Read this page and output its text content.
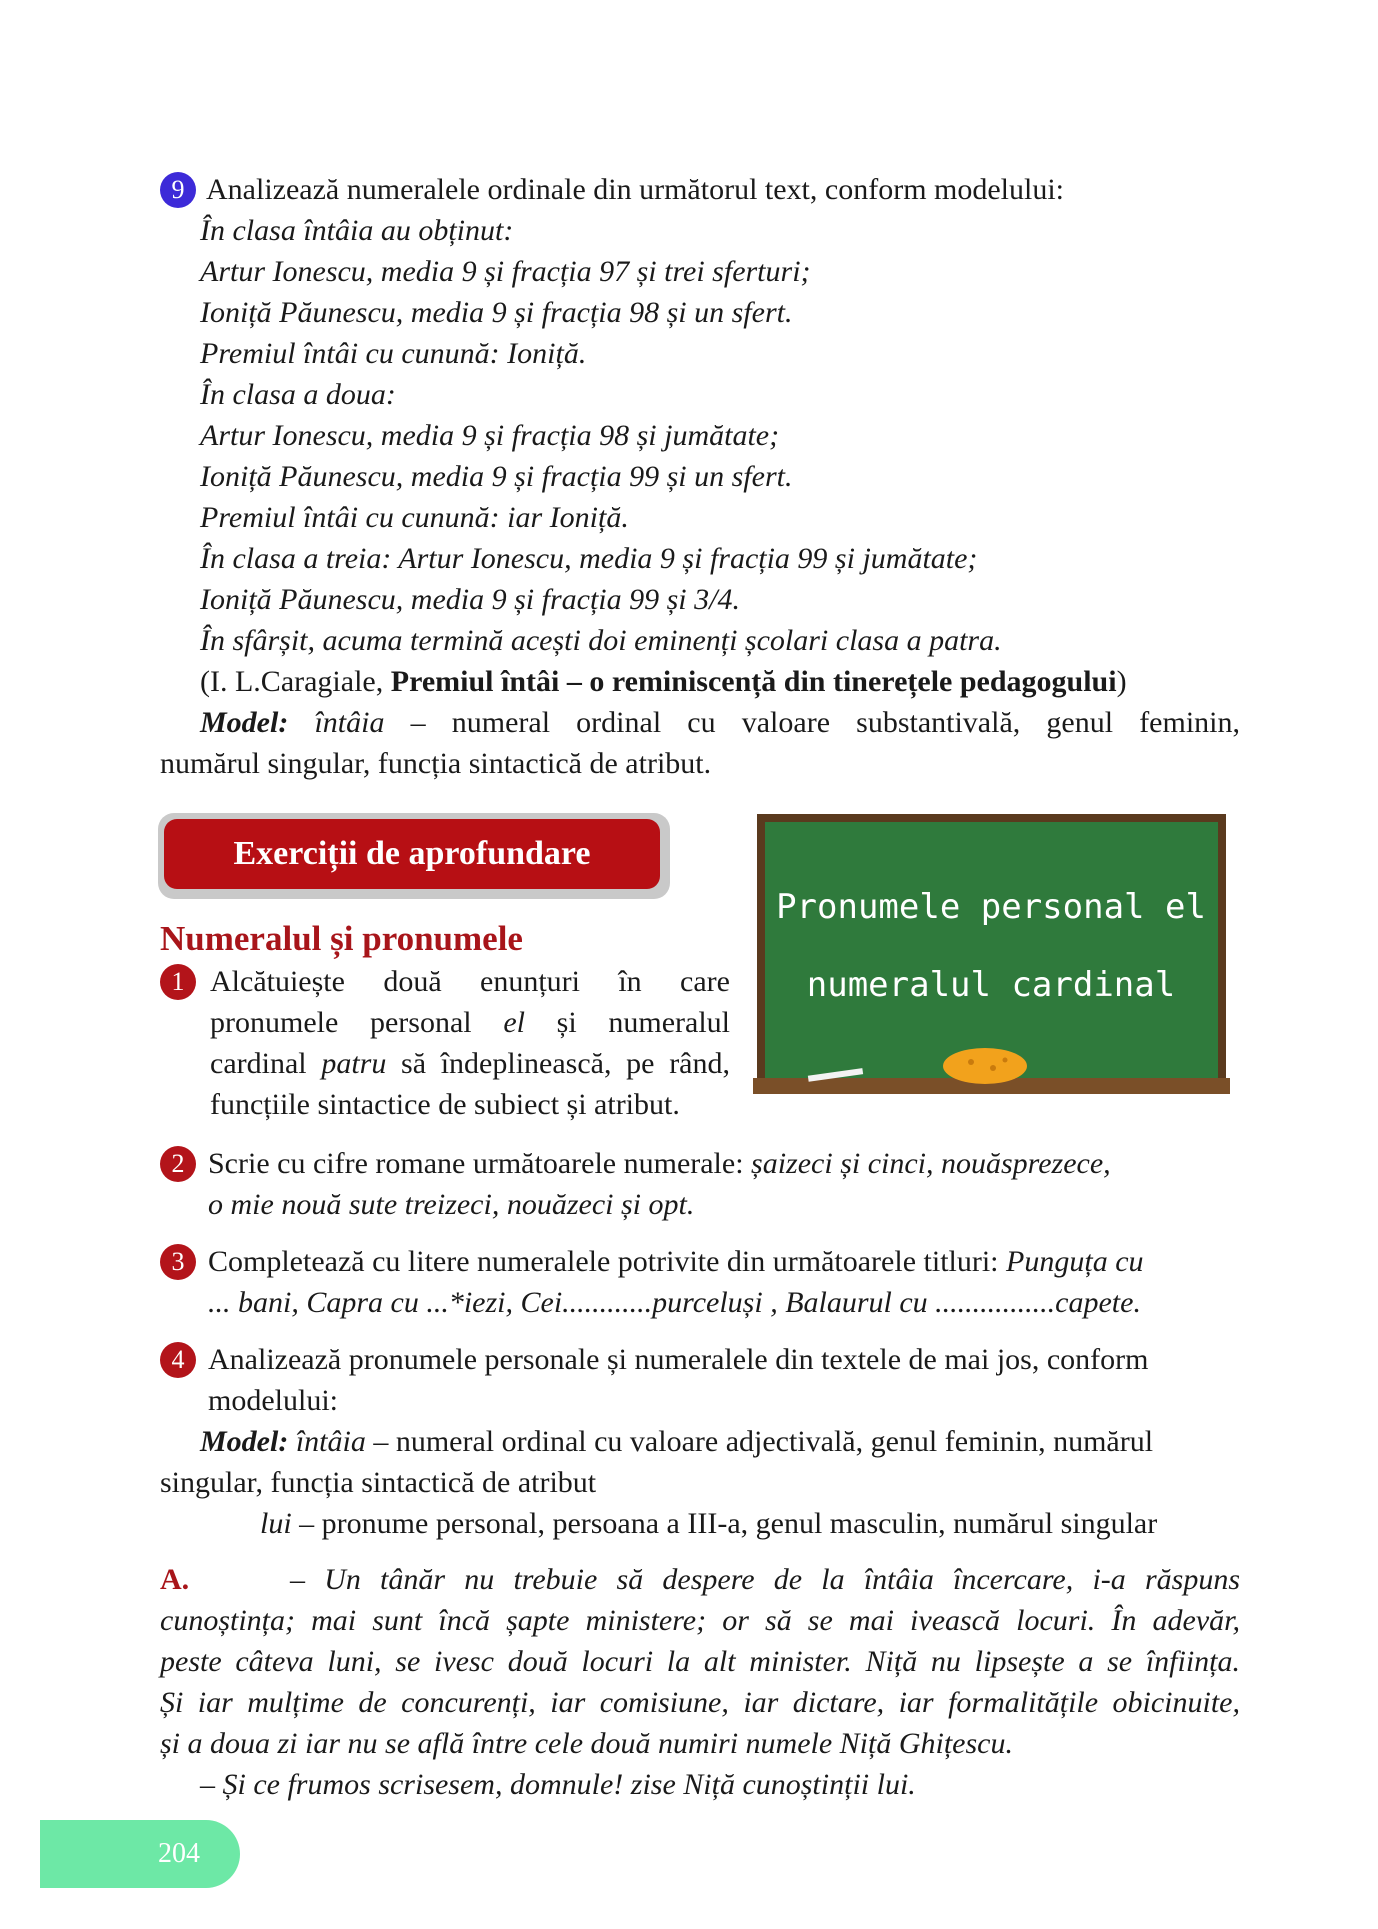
9 Analizează numeralele ordinale din următorul text, conform modelului:
În clasa întâia au obținut:
Artur Ionescu, media 9 și fracția 97 și trei sferturi;
Ioniță Păunescu, media 9 și fracția 98 și un sfert.
Premiul întâi cu cunună: Ioniță.
În clasa a doua:
Artur Ionescu, media 9 și fracția 98 și jumătate;
Ioniță Păunescu, media 9 și fracția 99 și un sfert.
Premiul întâi cu cunună: iar Ioniță.
În clasa a treia: Artur Ionescu, media 9 și fracția 99 și jumătate;
Ioniță Păunescu, media 9 și fracția 99 și 3/4.
În sfârșit, acuma termină acești doi eminenți școlari clasa a patra.
(I. L.Caragiale, Premiul întâi – o reminiscență din tinerețele pedagogului)
Model: întâia – numeral ordinal cu valoare substantivală, genul feminin,
numărul singular, funcția sintactică de atribut.
Exerciții de aprofundare
Numeralul și pronumele
Pronumele personal el
numeralul cardinal
1 Alcătuiește două enunțuri în care
pronumele personal el și numeralul
cardinal patru să îndeplinească, pe rând,
funcțiile sintactice de subiect și atribut.
2 Scrie cu cifre romane următoarele numerale: șaizeci și cinci, nouăsprezece,
o mie nouă sute treizeci, nouăzeci și opt.
3 Completează cu litere numeralele potrivite din următoarele titluri: Punguța cu
... bani, Capra cu ...*iezi, Cei............purceluși , Balaurul cu ................capete.
4 Analizează pronumele personale și numeralele din textele de mai jos, conform
modelului:
Model: întâia – numeral ordinal cu valoare adjectivală, genul feminin, numărul
singular, funcția sintactică de atribut
lui – pronume personal, persoana a III-a, genul masculin, numărul singular
A.	– Un tânăr nu trebuie să despere de la întâia încercare, i-a răspuns
cunoștința; mai sunt încă șapte ministere; or să se mai ivească locuri. În adevăr,
peste câteva luni, se ivesc două locuri la alt minister. Niță nu lipsește a se înființa.
Și iar mulțime de concurenți, iar comisiune, iar dictare, iar formalitățile obicinuite,
și a doua zi iar nu se află între cele două numiri numele Niță Ghițescu.
– Și ce frumos scrisesem, domnule! zise Niță cunoștinții lui.
204
